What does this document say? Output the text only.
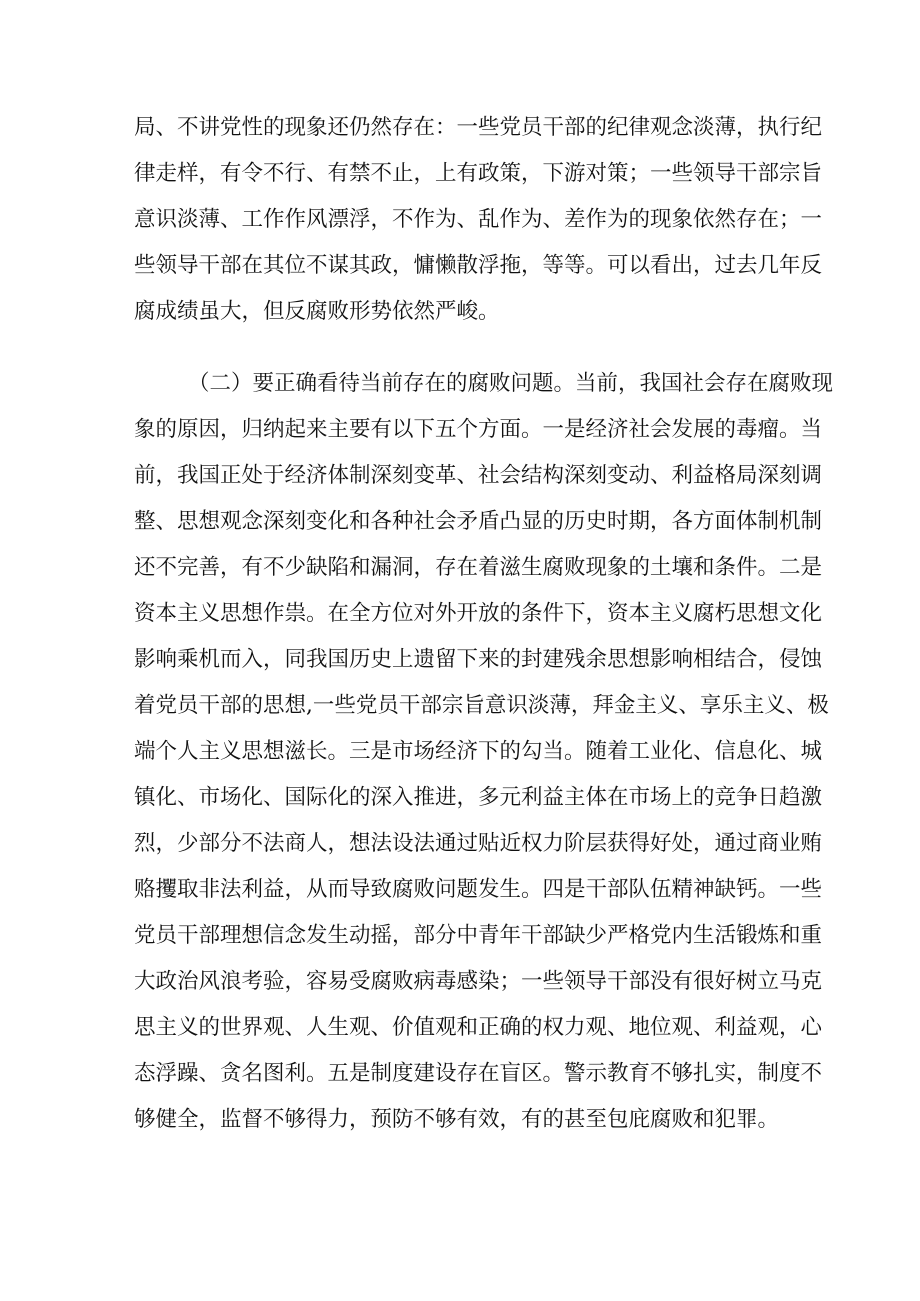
局、不讲党性的现象还仍然存在：一些党员干部的纪律观念淡薄，执行纪
律走样，有令不行、有禁不止，上有政策，下游对策；一些领导干部宗旨
意识淡薄、工作作风漂浮，不作为、乱作为、差作为的现象依然存在；一
些领导干部在其位不谋其政，慵懒散浮拖，等等。可以看出，过去几年反
腐成绩虽大，但反腐败形势依然严峻。
（二）要正确看待当前存在的腐败问题。当前，我国社会存在腐败现
象的原因，归纳起来主要有以下五个方面。一是经济社会发展的毒瘤。当
前，我国正处于经济体制深刻变革、社会结构深刻变动、利益格局深刻调
整、思想观念深刻变化和各种社会矛盾凸显的历史时期，各方面体制机制
还不完善，有不少缺陷和漏洞，存在着滋生腐败现象的土壤和条件。二是
资本主义思想作祟。在全方位对外开放的条件下，资本主义腐朽思想文化
影响乘机而入，同我国历史上遗留下来的封建残余思想影响相结合，侵蚀
着党员干部的思想,一些党员干部宗旨意识淡薄，拜金主义、享乐主义、极
端个人主义思想滋长。三是市场经济下的勾当。随着工业化、信息化、城
镇化、市场化、国际化的深入推进，多元利益主体在市场上的竞争日趋激
烈，少部分不法商人，想法设法通过贴近权力阶层获得好处，通过商业贿
赂攫取非法利益，从而导致腐败问题发生。四是干部队伍精神缺钙。一些
党员干部理想信念发生动摇，部分中青年干部缺少严格党内生活锻炼和重
大政治风浪考验，容易受腐败病毒感染；一些领导干部没有很好树立马克
思主义的世界观、人生观、价值观和正确的权力观、地位观、利益观，心
态浮躁、贪名图利。五是制度建设存在盲区。警示教育不够扎实，制度不
够健全，监督不够得力，预防不够有效，有的甚至包庇腐败和犯罪。
